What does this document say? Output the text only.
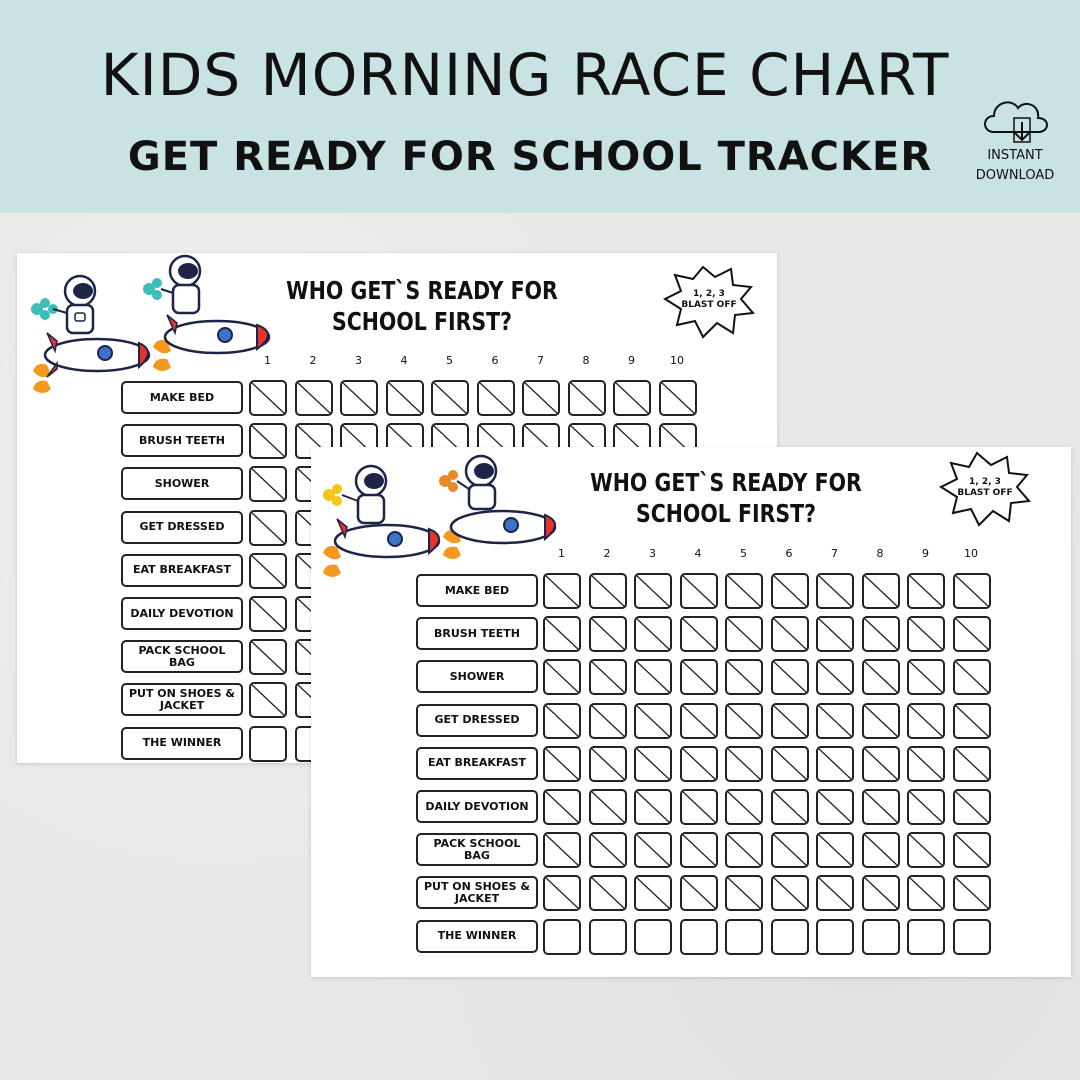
KIDS MORNING RACE CHART
GET READY FOR SCHOOL TRACKER	INSTANT
DOWNLOAD
WHO GET`S READY FOR
SCHOOL FIRST?
1, 2, 3
BLAST OFF
1	2	3	4	5	6	7	8	9	10
MAKE BED
BRUSH TEETH
SHOWER
GET DRESSED
EAT BREAKFAST
DAILY DEVOTION
PACK SCHOOL BAG
PUT ON SHOES & JACKET
THE WINNER
WHO GET`S READY FOR
SCHOOL FIRST?
1, 2, 3
BLAST OFF
1	2	3	4	5	6	7	8	9	10
MAKE BED
BRUSH TEETH
SHOWER
GET DRESSED
EAT BREAKFAST
DAILY DEVOTION
PACK SCHOOL BAG
PUT ON SHOES & JACKET
THE WINNER
